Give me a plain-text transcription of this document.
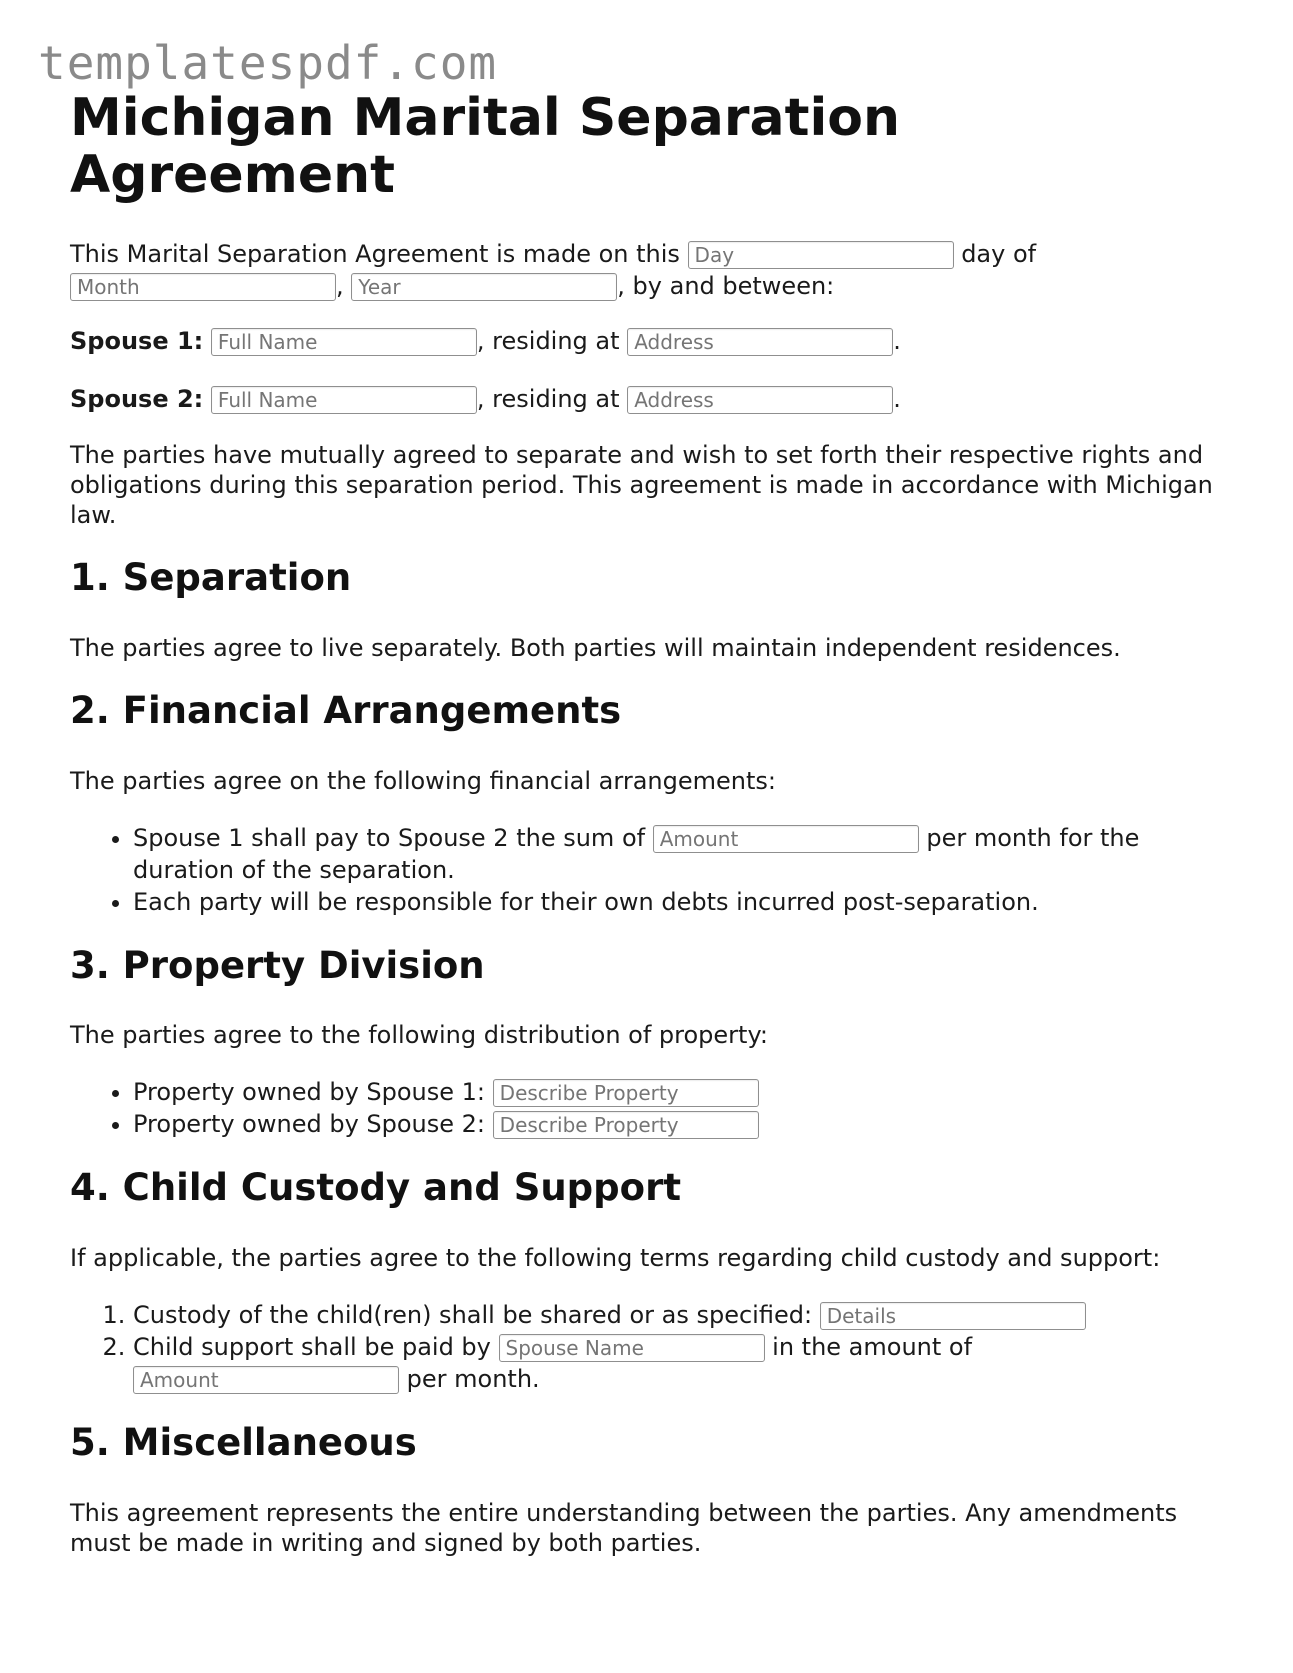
templatespdf.com
Michigan Marital Separation Agreement
This Marital Separation Agreement is made on this Day	day of
Month, Year	, by and between:
Spouse 1: Full Name	, residing at Address	.
Spouse 2: Full Name	, residing at Address	.

The parties have mutually agreed to separate and wish to set forth their respective rights and obligations during this separation period. This agreement is made in accordance with Michigan law.

1. Separation

The parties agree to live separately. Both parties will maintain independent residences.

2. Financial Arrangements

The parties agree on the following financial arrangements:

• Spouse 1 shall pay to Spouse 2 the sum of Amount	per month for the duration of the separation.
• Each party will be responsible for their own debts incurred post-separation.
3. Property Division

The parties agree to the following distribution of property:

• Property owned by Spouse 1: Describe Property
• Property owned by Spouse 2: Describe Property
4. Child Custody and Support

If applicable, the parties agree to the following terms regarding child custody and support:

1. Custody of the child(ren) shall be shared or as specified: Details
2. Child support shall be paid by Spouse Name	in the amount of
Amount per month.
5. Miscellaneous

This agreement represents the entire understanding between the parties. Any amendments must be made in writing and signed by both parties.
